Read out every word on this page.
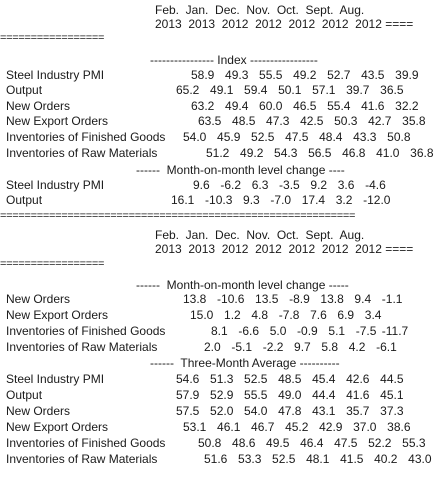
Feb.  Jan.  Dec.  Nov.  Oct.  Sept.  Aug.

2013  2013  2012  2012  2012  2012  2012 ====

=================

---------------- Index -----------------

Steel Industry PMI

	58.9  49.3  55.5  49.2  52.7  43.5  39.9

Output

	65.2  49.1  59.4  50.1  57.1  39.7  36.5

New Orders

	63.2  49.4  60.0  46.5  55.4  41.6  32.2

New Export Orders

	63.5  48.5  47.3  42.5  50.3  42.7  35.8

Inventories of Finished Goods

54.0  45.9  52.5  47.5  48.4  43.3  50.8

Inventories of Raw Materials

	51.2  49.2  54.3  56.5  46.8  41.0  36.8

------  Month-on-month level change ----

Steel Industry PMI

	9.6  -6.2  6.3  -3.5  9.2  3.6  -4.6

Output

	16.1  -10.3  9.3  -7.0  17.4  3.2  -12.0

==========================================================

Feb.  Jan.  Dec.  Nov.  Oct.  Sept.  Aug.

2013  2013  2012  2012  2012  2012  2012 ====

=================

------  Month-on-month level change -----

New Orders

	13.8  -10.6  13.5  -8.9  13.8  9.4  -1.1

New Export Orders

	15.0  1.2  4.8  -7.8  7.6  6.9  3.4

Inventories of Finished Goods

	8.1  -6.6  5.0  -0.9  5.1  -7.5 -11.7

Inventories of Raw Materials

	2.0  -5.1  -2.2  9.7  5.8  4.2  -6.1

------  Three-Month Average ----------

Steel Industry PMI

	54.6  51.3  52.5  48.5  45.4  42.6  44.5

Output

	57.9  52.9  55.5  49.0  44.4  41.6  45.1

New Orders

	57.5  52.0  54.0  47.8  43.1  35.7  37.3

New Export Orders

	53.1  46.1  46.7  45.2  42.9  37.0  38.6

Inventories of Finished Goods

	50.8  48.6  49.5  46.4  47.5  52.2  55.3

Inventories of Raw Materials

	51.6  53.3  52.5  48.1  41.5  40.2  43.0
